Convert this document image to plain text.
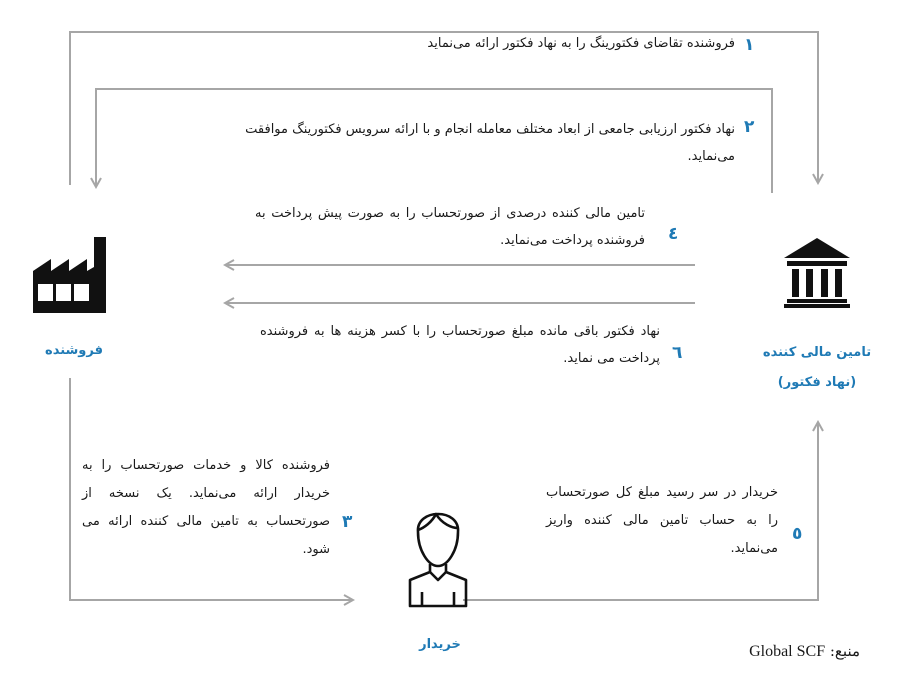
فروشنده	تامین مالی کننده
(نهاد فکتور)
خریدار
١
فروشنده تقاضای فکتورینگ را به نهاد فکتور ارائه می‌نماید
٢
نهاد فکتور ارزیابی جامعی از ابعاد مختلف معامله انجام و با ارائه سرویس فکتورینگ موافقت می‌نماید.
٤
تامین مالی کننده درصدی از صورتحساب را به صورت پیش پرداخت به فروشنده پرداخت می‌نماید.
٦
نهاد فکتور باقی مانده مبلغ صورتحساب را با کسر هزینه ها به فروشنده پرداخت می نماید.
٣
فروشنده کالا و خدمات صورتحساب را به خریدار ارائه می‌نماید. یک نسخه از صورتحساب به تامین مالی کننده ارائه می شود.
٥
خریدار در سر رسید مبلغ کل صورتحساب را به حساب تامین مالی کننده واریز می‌نماید.
منبع: Global SCF
